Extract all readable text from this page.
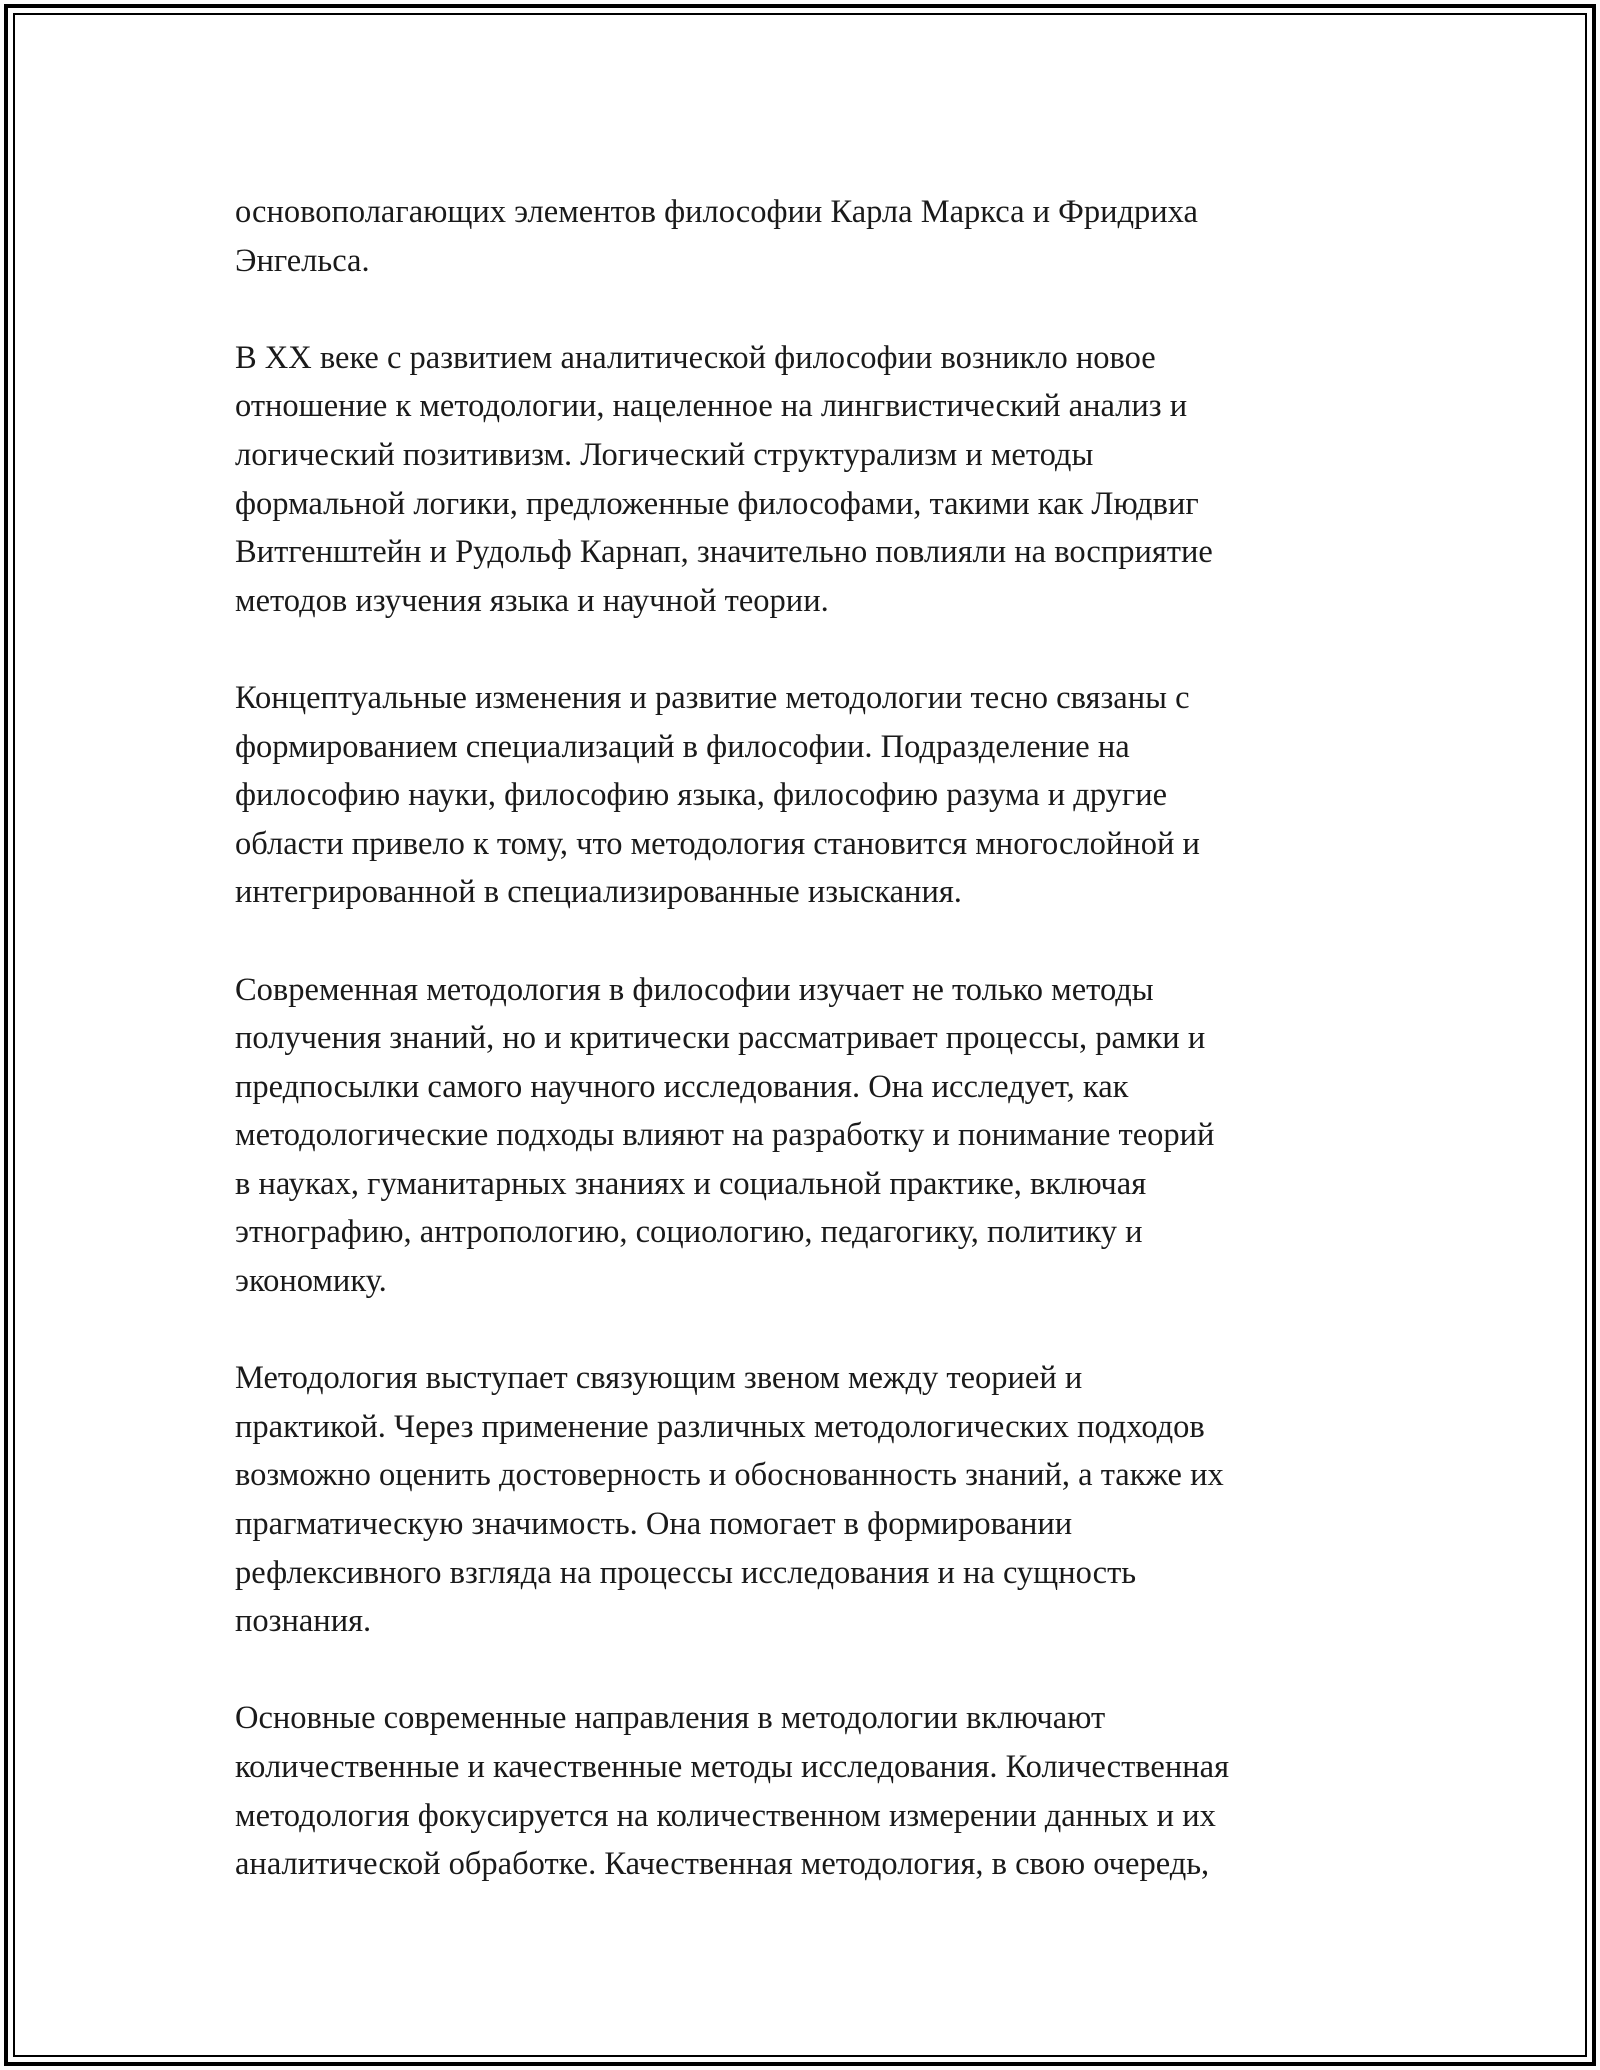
основополагающих элементов философии Карла Маркса и Фридриха
Энгельса.

В XX веке с развитием аналитической философии возникло новое
отношение к методологии, нацеленное на лингвистический анализ и
логический позитивизм. Логический структурализм и методы
формальной логики, предложенные философами, такими как Людвиг
Витгенштейн и Рудольф Карнап, значительно повлияли на восприятие
методов изучения языка и научной теории.

Концептуальные изменения и развитие методологии тесно связаны с
формированием специализаций в философии. Подразделение на
философию науки, философию языка, философию разума и другие
области привело к тому, что методология становится многослойной и
интегрированной в специализированные изыскания.

Современная методология в философии изучает не только методы
получения знаний, но и критически рассматривает процессы, рамки и
предпосылки самого научного исследования. Она исследует, как
методологические подходы влияют на разработку и понимание теорий
в науках, гуманитарных знаниях и социальной практике, включая
этнографию, антропологию, социологию, педагогику, политику и
экономику.

Методология выступает связующим звеном между теорией и
практикой. Через применение различных методологических подходов
возможно оценить достоверность и обоснованность знаний, а также их
прагматическую значимость. Она помогает в формировании
рефлексивного взгляда на процессы исследования и на сущность
познания.

Основные современные направления в методологии включают
количественные и качественные методы исследования. Количественная
методология фокусируется на количественном измерении данных и их
аналитической обработке. Качественная методология, в свою очередь,
